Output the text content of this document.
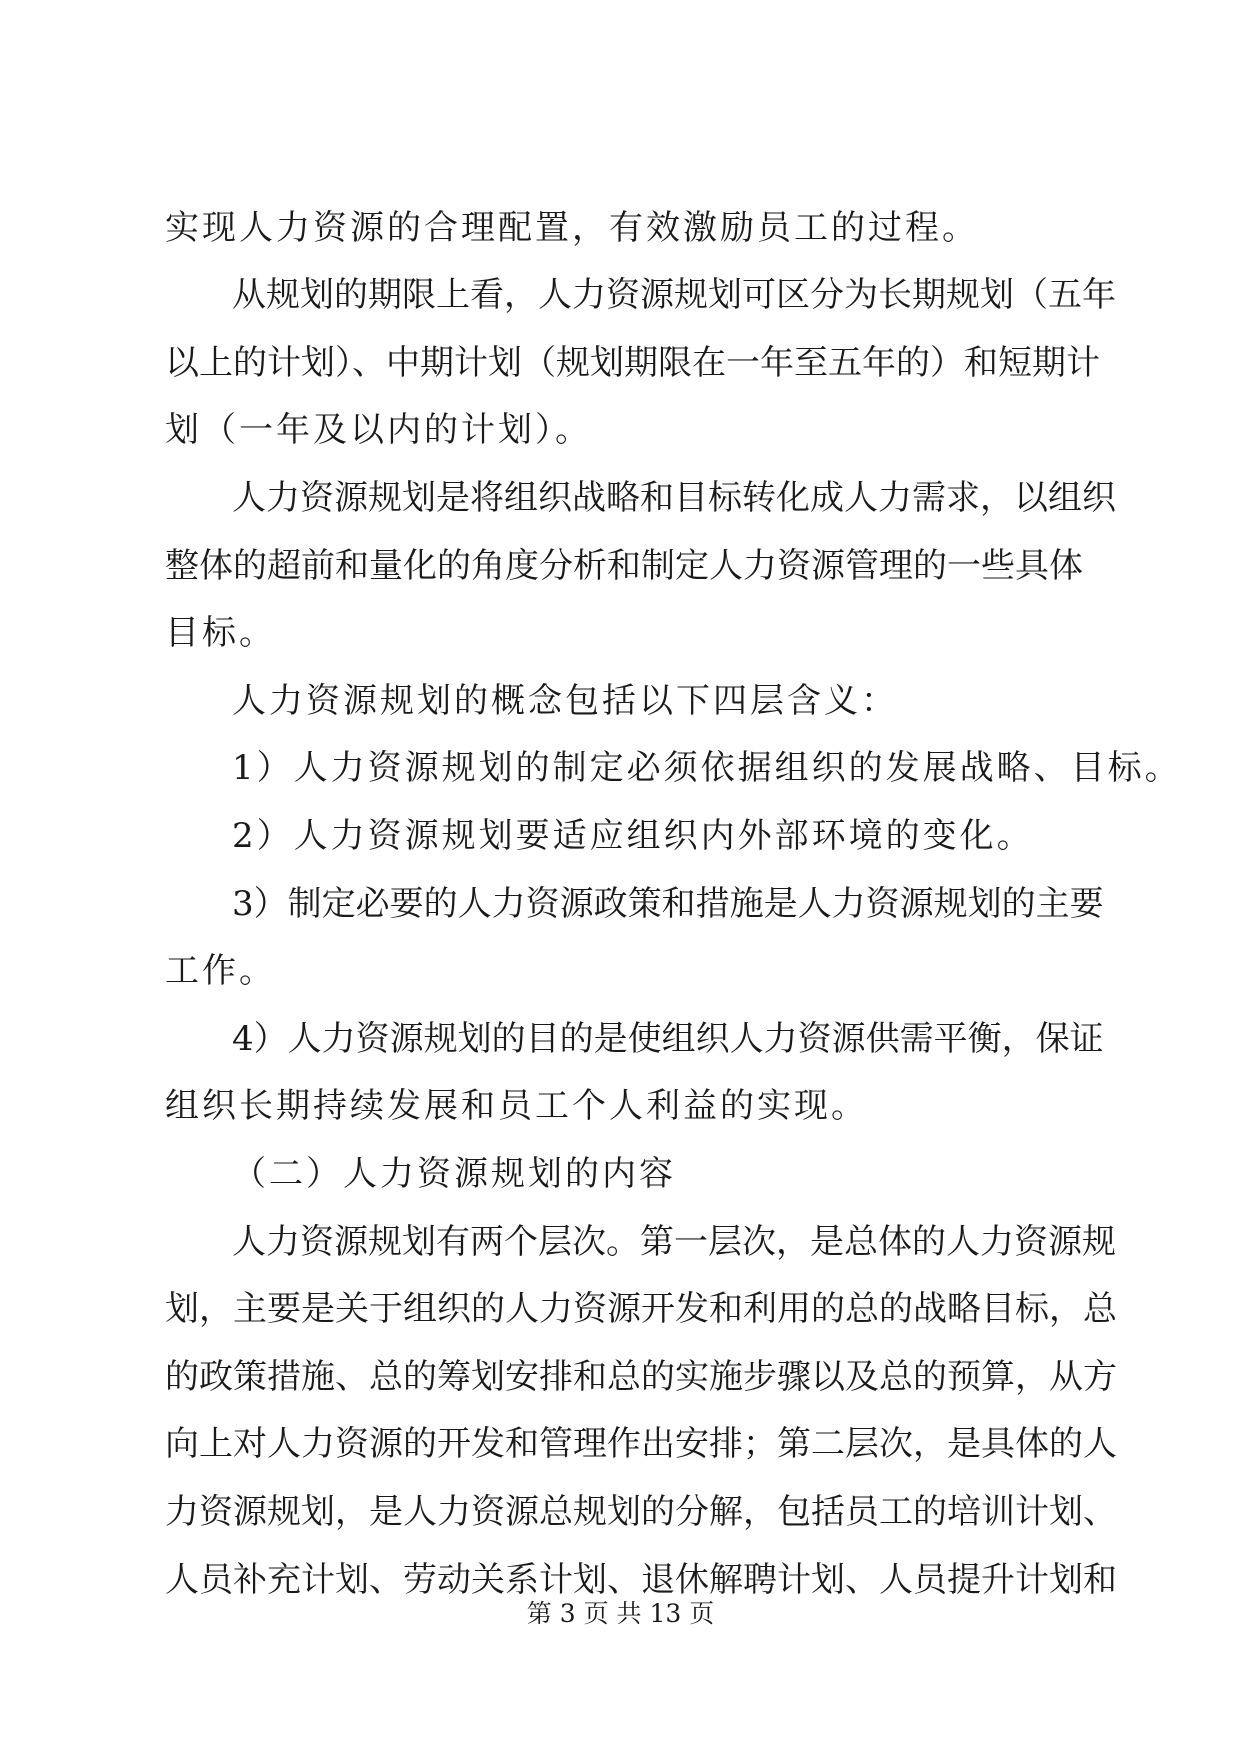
实现人力资源的合理配置，有效激励员工的过程。

从规划的期限上看，人力资源规划可区分为长期规划（五年

以上的计划）、中期计划（规划期限在一年至五年的）和短期计

划（一年及以内的计划）。

人力资源规划是将组织战略和目标转化成人力需求，以组织

整体的超前和量化的角度分析和制定人力资源管理的一些具体

目标。

人力资源规划的概念包括以下四层含义：

1）人力资源规划的制定必须依据组织的发展战略、目标。

2）人力资源规划要适应组织内外部环境的变化。

3）制定必要的人力资源政策和措施是人力资源规划的主要

工作。

4）人力资源规划的目的是使组织人力资源供需平衡，保证

组织长期持续发展和员工个人利益的实现。

（二）人力资源规划的内容

人力资源规划有两个层次。第一层次，是总体的人力资源规

划，主要是关于组织的人力资源开发和利用的总的战略目标，总

的政策措施、总的筹划安排和总的实施步骤以及总的预算，从方

向上对人力资源的开发和管理作出安排；第二层次，是具体的人

力资源规划，是人力资源总规划的分解，包括员工的培训计划、

人员补充计划、劳动关系计划、退休解聘计划、人员提升计划和

第 3 页 共 13 页
